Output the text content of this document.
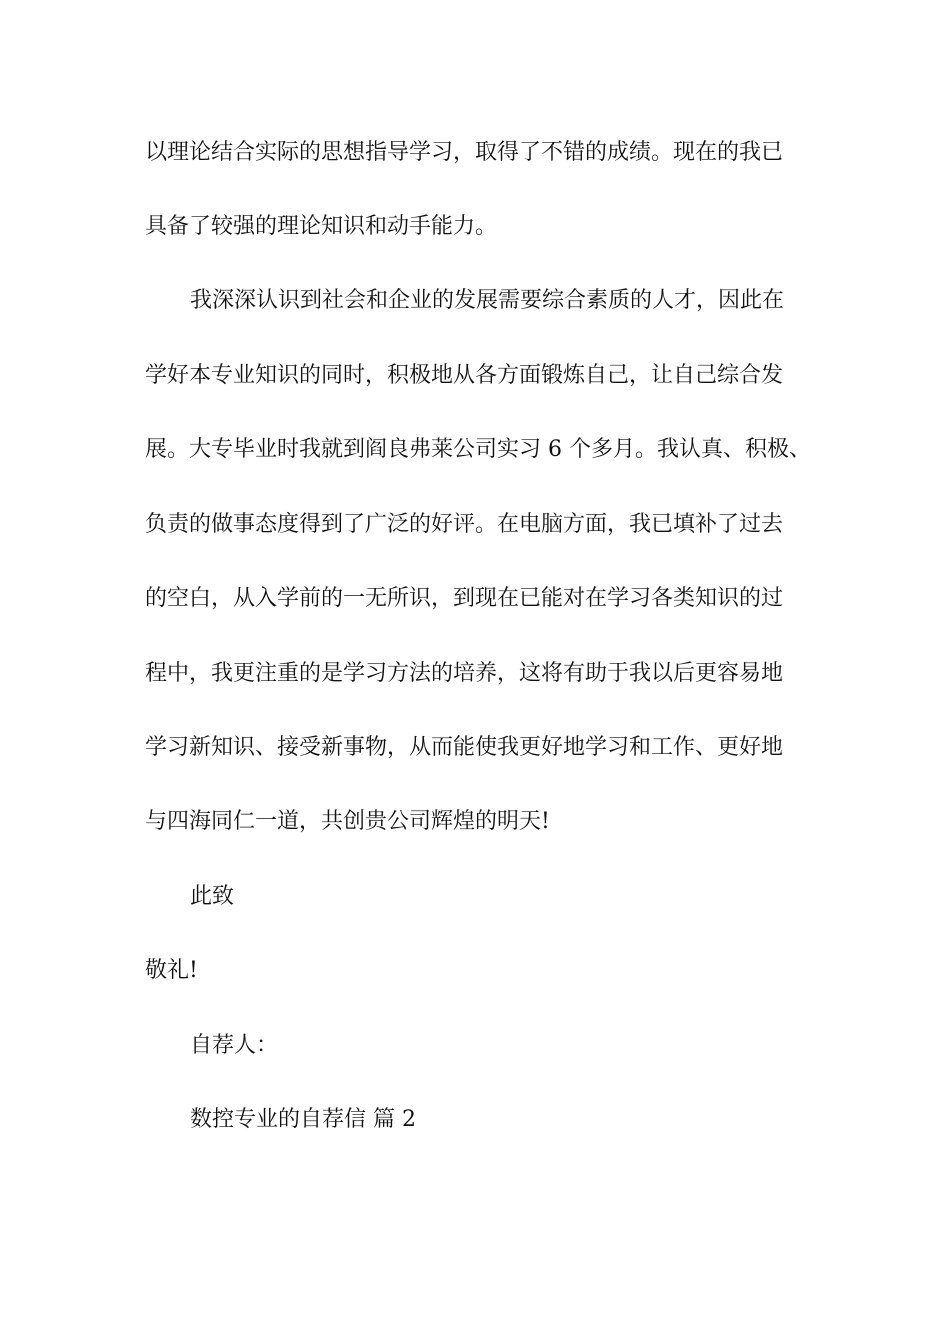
以理论结合实际的思想指导学习，取得了不错的成绩。现在的我已
具备了较强的理论知识和动手能力。
我深深认识到社会和企业的发展需要综合素质的人才，因此在
学好本专业知识的同时，积极地从各方面锻炼自己，让自己综合发
展。大专毕业时我就到阎良弗莱公司实习 6 个多月。我认真、积极、
负责的做事态度得到了广泛的好评。在电脑方面，我已填补了过去
的空白，从入学前的一无所识，到现在已能对在学习各类知识的过
程中，我更注重的是学习方法的培养，这将有助于我以后更容易地
学习新知识、接受新事物，从而能使我更好地学习和工作、更好地
与四海同仁一道，共创贵公司辉煌的明天!
此致
敬礼!
自荐人：
数控专业的自荐信 篇 2
